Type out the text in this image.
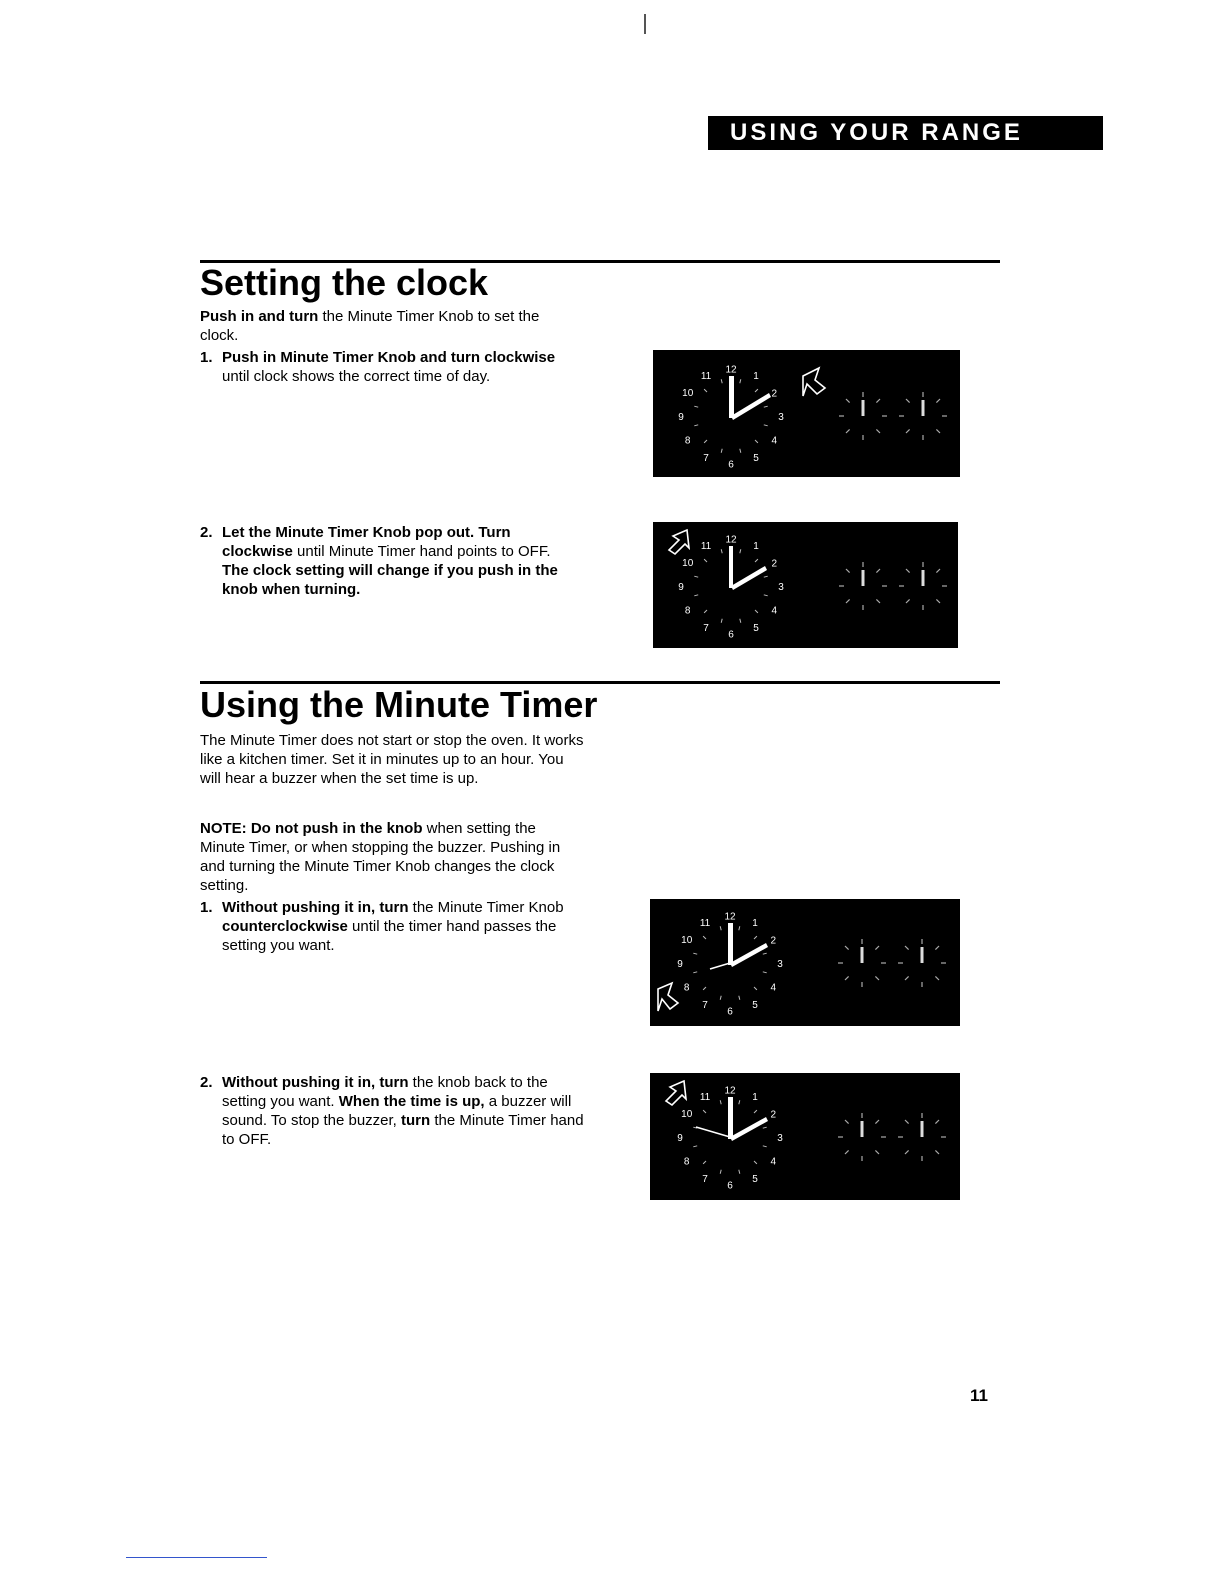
USING YOUR RANGE
Setting the clock

Push in and turn the Minute Timer Knob to set the clock.

1. Push in Minute Timer Knob and turn clockwise until clock shows the correct time of day.
2. Let the Minute Timer Knob pop out. Turn clockwise until Minute Timer hand points to OFF. The clock setting will change if you push in the knob when turning.
12
1
2
3
4
5
6
7
8
9
10
11
12
1
2
3
4
5
6
7
8
9
10
11
Using the Minute Timer

The Minute Timer does not start or stop the oven. It works like a kitchen timer. Set it in minutes up to an hour. You will hear a buzzer when the set time is up.

NOTE: Do not push in the knob when setting the Minute Timer, or when stopping the buzzer. Pushing in and turning the Minute Timer Knob changes the clock setting.

1. Without pushing it in, turn the Minute Timer Knob counterclockwise until the timer hand passes the setting you want.
2. Without pushing it in, turn the knob back to the setting you want. When the time is up, a buzzer will sound. To stop the buzzer, turn the Minute Timer hand to OFF.
12
1
2
3
4
5
6
7
8
9
10
11
12
1
2
3
4
5
6
7
8
9
10
11
11
